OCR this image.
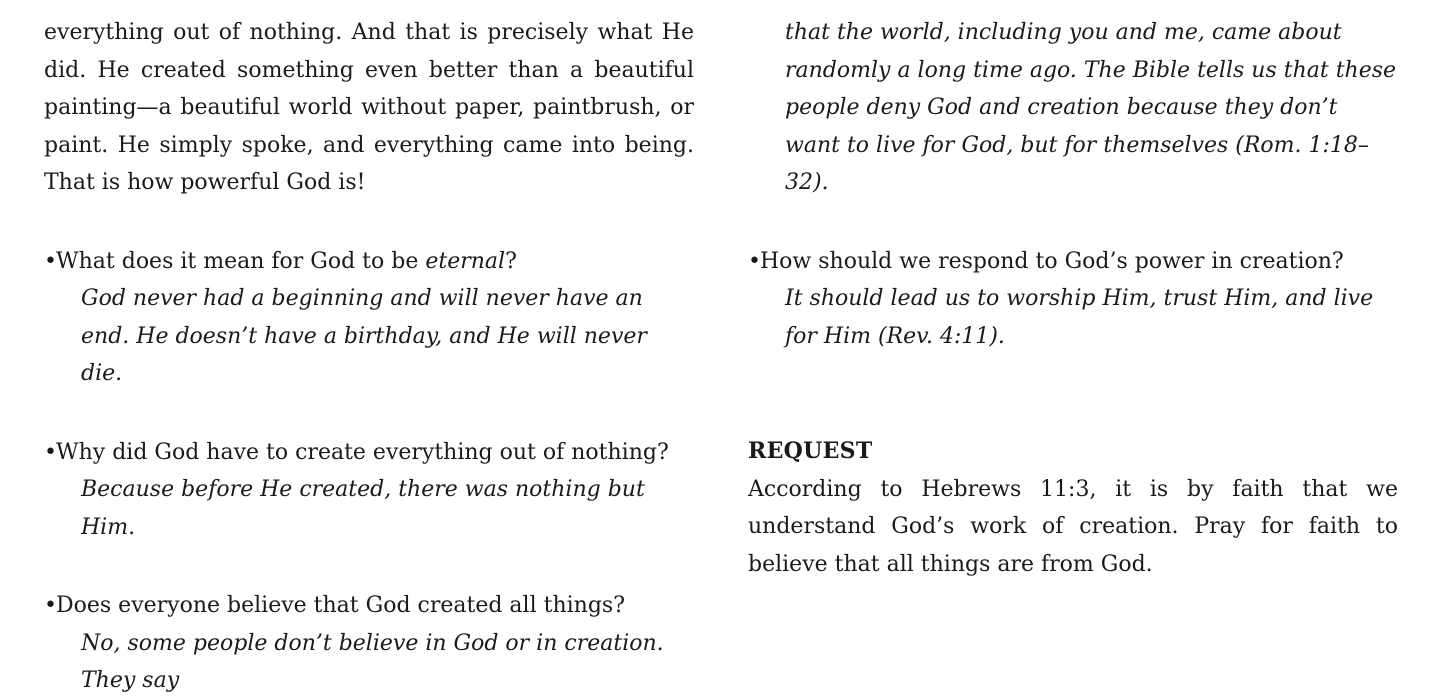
everything out of nothing. And that is precisely what He did. He created something even better than a beautiful painting—a beautiful world without paper, paintbrush, or paint. He simply spoke, and everything came into being. That is how powerful God is!

• What does it mean for God to be eternal?

God never had a beginning and will never have an end. He doesn’t have a birthday, and He will never die.

• Why did God have to create everything out of nothing?

Because before He created, there was nothing but Him.

• Does everyone believe that God created all things?

No, some people don’t believe in God or in creation. They say

that the world, including you and me, came about randomly a long time ago. The Bible tells us that these people deny God and creation because they don’t want to live for God, but for themselves (Rom. 1:18–32).

• How should we respond to God’s power in creation?

It should lead us to worship Him, trust Him, and live for Him (Rev. 4:11).

REQUEST

According to Hebrews 11:3, it is by faith that we understand God’s work of creation. Pray for faith to believe that all things are from God.
